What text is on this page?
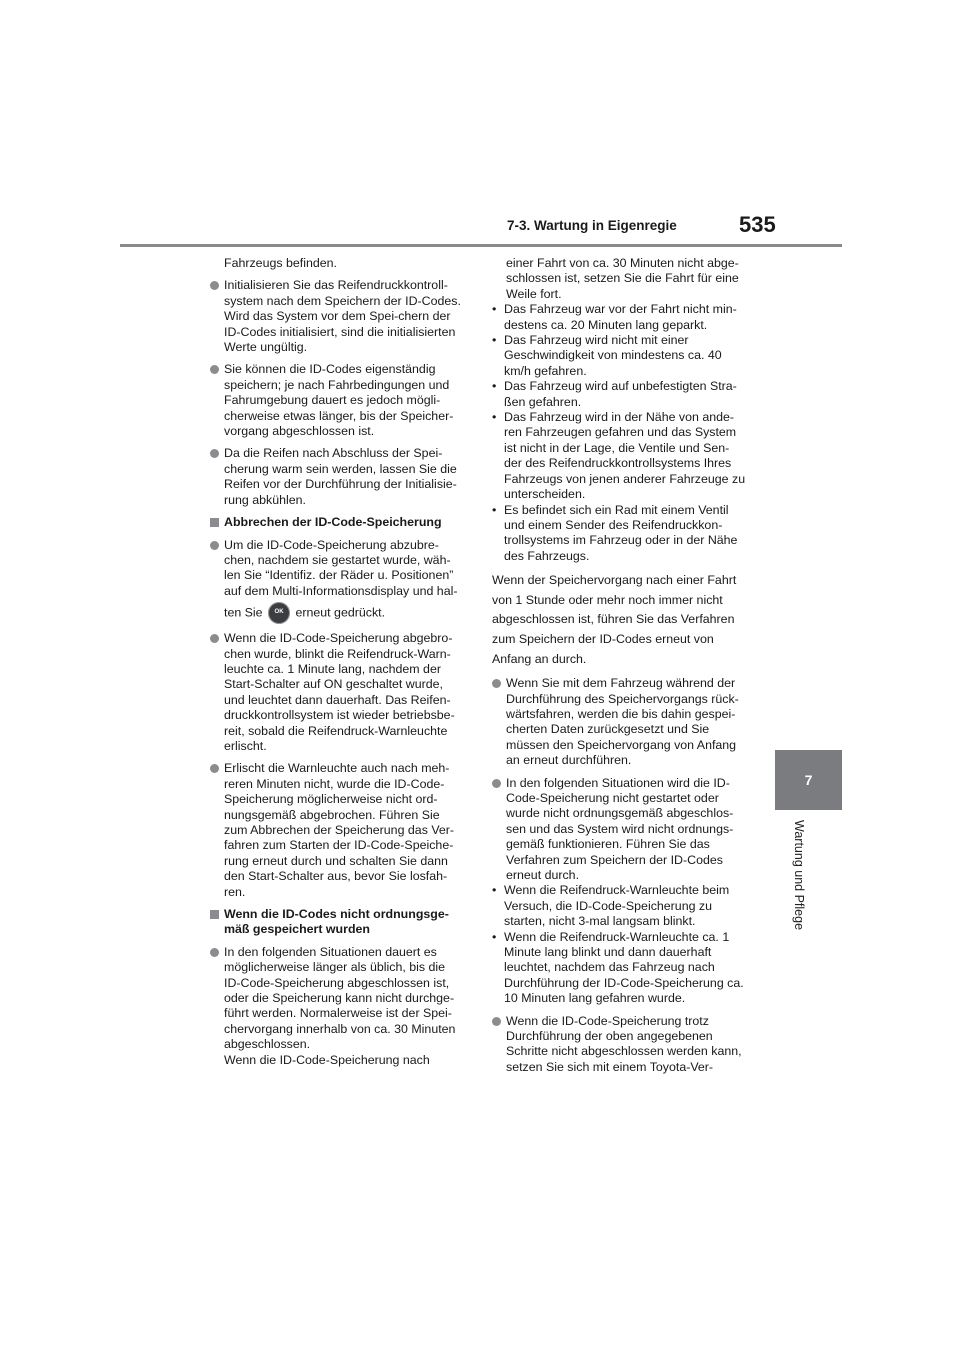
7-3. Wartung in Eigenregie	535
7
Wartung und Pflege

Fahrzeugs befinden.

Initialisieren Sie das Reifendruckkontroll-system nach dem Speichern der ID-Codes. Wird das System vor dem Spei-chern der ID-Codes initialisiert, sind die initialisierten Werte ungültig.

Sie können die ID-Codes eigenständig speichern; je nach Fahrbedingungen und Fahrumgebung dauert es jedoch mögli-cherweise etwas länger, bis der Speicher-vorgang abgeschlossen ist.

Da die Reifen nach Abschluss der Spei-cherung warm sein werden, lassen Sie die Reifen vor der Durchführung der Initialisie-rung abkühlen.

Abbrechen der ID-Code-Speicherung

Um die ID-Code-Speicherung abzubre-chen, nachdem sie gestartet wurde, wäh-len Sie “Identifiz. der Räder u. Positionen” auf dem Multi-Informationsdisplay und hal-
ten Sie OK erneut gedrückt.

Wenn die ID-Code-Speicherung abgebro-chen wurde, blinkt die Reifendruck-Warn-leuchte ca. 1 Minute lang, nachdem der Start-Schalter auf ON geschaltet wurde, und leuchtet dann dauerhaft. Das Reifen-druckkontrollsystem ist wieder betriebsbe-reit, sobald die Reifendruck-Warnleuchte erlischt.

Erlischt die Warnleuchte auch nach meh-reren Minuten nicht, wurde die ID-Code-Speicherung möglicherweise nicht ord-nungsgemäß abgebrochen. Führen Sie zum Abbrechen der Speicherung das Ver-fahren zum Starten der ID-Code-Speiche-rung erneut durch und schalten Sie dann den Start-Schalter aus, bevor Sie losfah-ren.

Wenn die ID-Codes nicht ordnungsge-mäß gespeichert wurden

In den folgenden Situationen dauert es möglicherweise länger als üblich, bis die ID-Code-Speicherung abgeschlossen ist, oder die Speicherung kann nicht durchge-führt werden. Normalerweise ist der Spei-chervorgang innerhalb von ca. 30 Minuten abgeschlossen.
Wenn die ID-Code-Speicherung nach

einer Fahrt von ca. 30 Minuten nicht abge-schlossen ist, setzen Sie die Fahrt für eine Weile fort.

• Das Fahrzeug war vor der Fahrt nicht min-destens ca. 20 Minuten lang geparkt.

• Das Fahrzeug wird nicht mit einer Geschwindigkeit von mindestens ca. 40 km/h gefahren.

• Das Fahrzeug wird auf unbefestigten Stra-ßen gefahren.

• Das Fahrzeug wird in der Nähe von ande-ren Fahrzeugen gefahren und das System ist nicht in der Lage, die Ventile und Sen-der des Reifendruckkontrollsystems Ihres Fahrzeugs von jenen anderer Fahrzeuge zu unterscheiden.

• Es befindet sich ein Rad mit einem Ventil und einem Sender des Reifendruckkon-trollsystems im Fahrzeug oder in der Nähe des Fahrzeugs.

Wenn der Speichervorgang nach einer Fahrt von 1 Stunde oder mehr noch immer nicht abgeschlossen ist, führen Sie das Verfahren zum Speichern der ID-Codes erneut von Anfang an durch.

Wenn Sie mit dem Fahrzeug während der Durchführung des Speichervorgangs rück-wärtsfahren, werden die bis dahin gespei-cherten Daten zurückgesetzt und Sie müssen den Speichervorgang von Anfang an erneut durchführen.

In den folgenden Situationen wird die ID-Code-Speicherung nicht gestartet oder wurde nicht ordnungsgemäß abgeschlos-sen und das System wird nicht ordnungs-gemäß funktionieren. Führen Sie das Verfahren zum Speichern der ID-Codes erneut durch.

• Wenn die Reifendruck-Warnleuchte beim Versuch, die ID-Code-Speicherung zu starten, nicht 3-mal langsam blinkt.

• Wenn die Reifendruck-Warnleuchte ca. 1 Minute lang blinkt und dann dauerhaft leuchtet, nachdem das Fahrzeug nach Durchführung der ID-Code-Speicherung ca. 10 Minuten lang gefahren wurde.

Wenn die ID-Code-Speicherung trotz Durchführung der oben angegebenen Schritte nicht abgeschlossen werden kann, setzen Sie sich mit einem Toyota-Ver-
